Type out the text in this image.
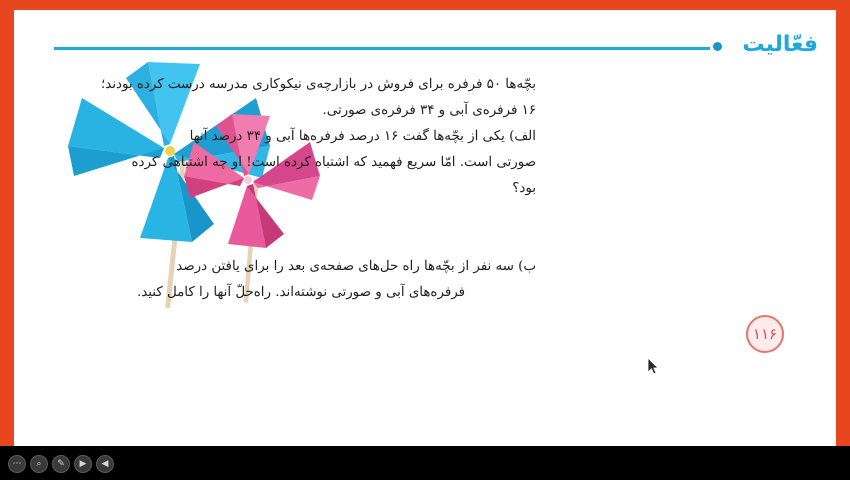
فعّالیت

بچّه‌ها ۵۰ فرفره برای فروش در بازارچه‌ی نیکوکاری مدرسه درست کرده بودند؛

۱۶ فرفره‌ی آبی و ۳۴ فرفره‌ی صورتی.

الف) یکی از بچّه‌ها گفت ۱۶ درصد فرفره‌ها آبی و ۳۴ درصد آنها

صورتی است. امّا سریع فهمید که اشتباه کرده است! او چه اشتباهی کرده

بود؟

ب) سه نفر از بچّه‌ها راه حل‌های صفحه‌ی بعد را برای یافتن درصد

فرفره‌های آبی و صورتی نوشته‌اند. راه‌حلّ آنها را کامل کنید.

۱۱۶
◀
▶
✎
⌕
⋯
